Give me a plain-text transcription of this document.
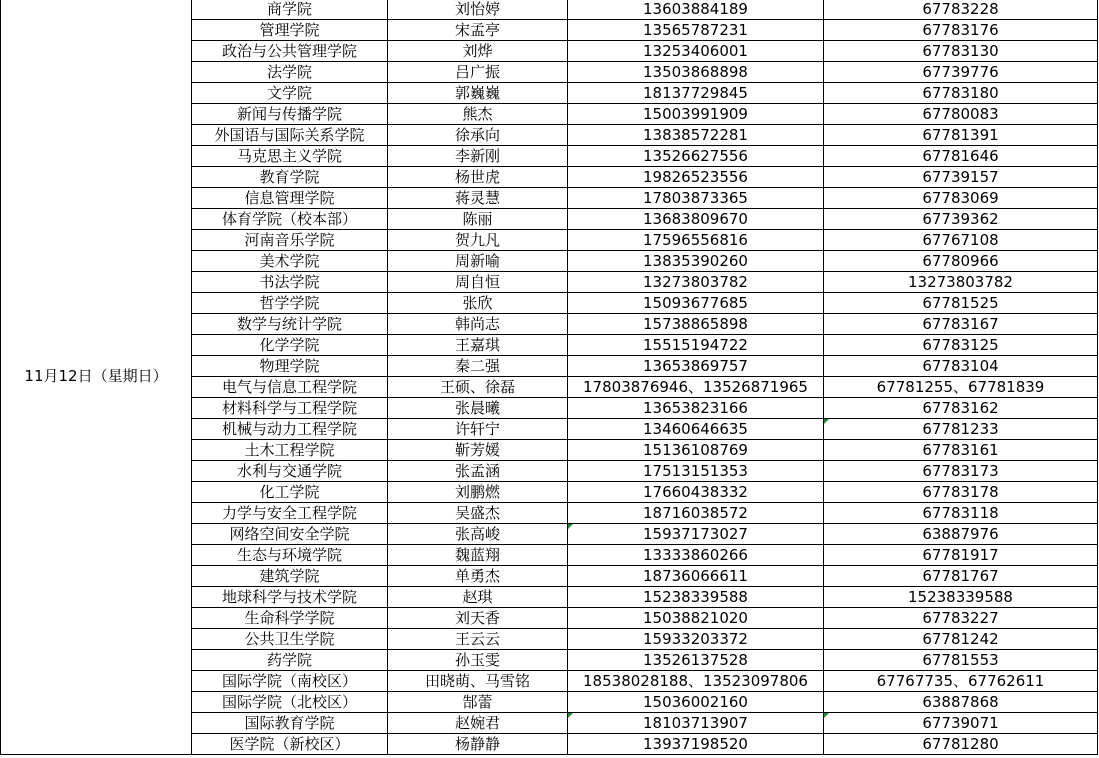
11月12日（星期日）	商学院	刘怡婷	13603884189	67783228
	管理学院	宋孟亭	13565787231	67783176
	政治与公共管理学院	刘烨	13253406001	67783130
	法学院	吕广振	13503868898	67739776
	文学院	郭巍巍	18137729845	67783180
	新闻与传播学院	熊杰	15003991909	67780083
	外国语与国际关系学院	徐承向	13838572281	67781391
	马克思主义学院	李新刚	13526627556	67781646
	教育学院	杨世虎	19826523556	67739157
	信息管理学院	蒋灵慧	17803873365	67783069
	体育学院（校本部）	陈丽	13683809670	67739362
	河南音乐学院	贺九凡	17596556816	67767108
	美术学院	周新喻	13835390260	67780966
	书法学院	周自恒	13273803782	13273803782
	哲学学院	张欣	15093677685	67781525
	数学与统计学院	韩尚志	15738865898	67783167
	化学学院	王嘉琪	15515194722	67783125
	物理学院	秦二强	13653869757	67783104
	电气与信息工程学院	王硕、徐磊	17803876946、13526871965	67781255、67781839
	材料科学与工程学院	张晨曦	13653823166	67783162
	机械与动力工程学院	许轩宁	13460646635	67781233

	土木工程学院	靳芳媛	15136108769	67783161
	水利与交通学院	张孟涵	17513151353	67783173
	化工学院	刘鹏燃	17660438332	67783178
	力学与安全工程学院	吴盛杰	18716038572	67783118
	网络空间安全学院	张高峻	15937173027	63887976
	生态与环境学院	魏蓝翔	13333860266	67781917
	建筑学院	单勇杰	18736066611	67781767
	地球科学与技术学院	赵琪	15238339588	15238339588
	生命科学学院	刘天香	15038821020	67783227
	公共卫生学院	王云云	15933203372	67781242
	药学院	孙玉雯	13526137528	67781553
	国际学院（南校区）	田晓萌、马雪铭	18538028188、13523097806	67767735、67762611
	国际学院（北校区）	郜蕾	15036002160	63887868
	国际教育学院	赵婉君	18103713907	67739071

	医学院（新校区）	杨静静	13937198520	67781280
